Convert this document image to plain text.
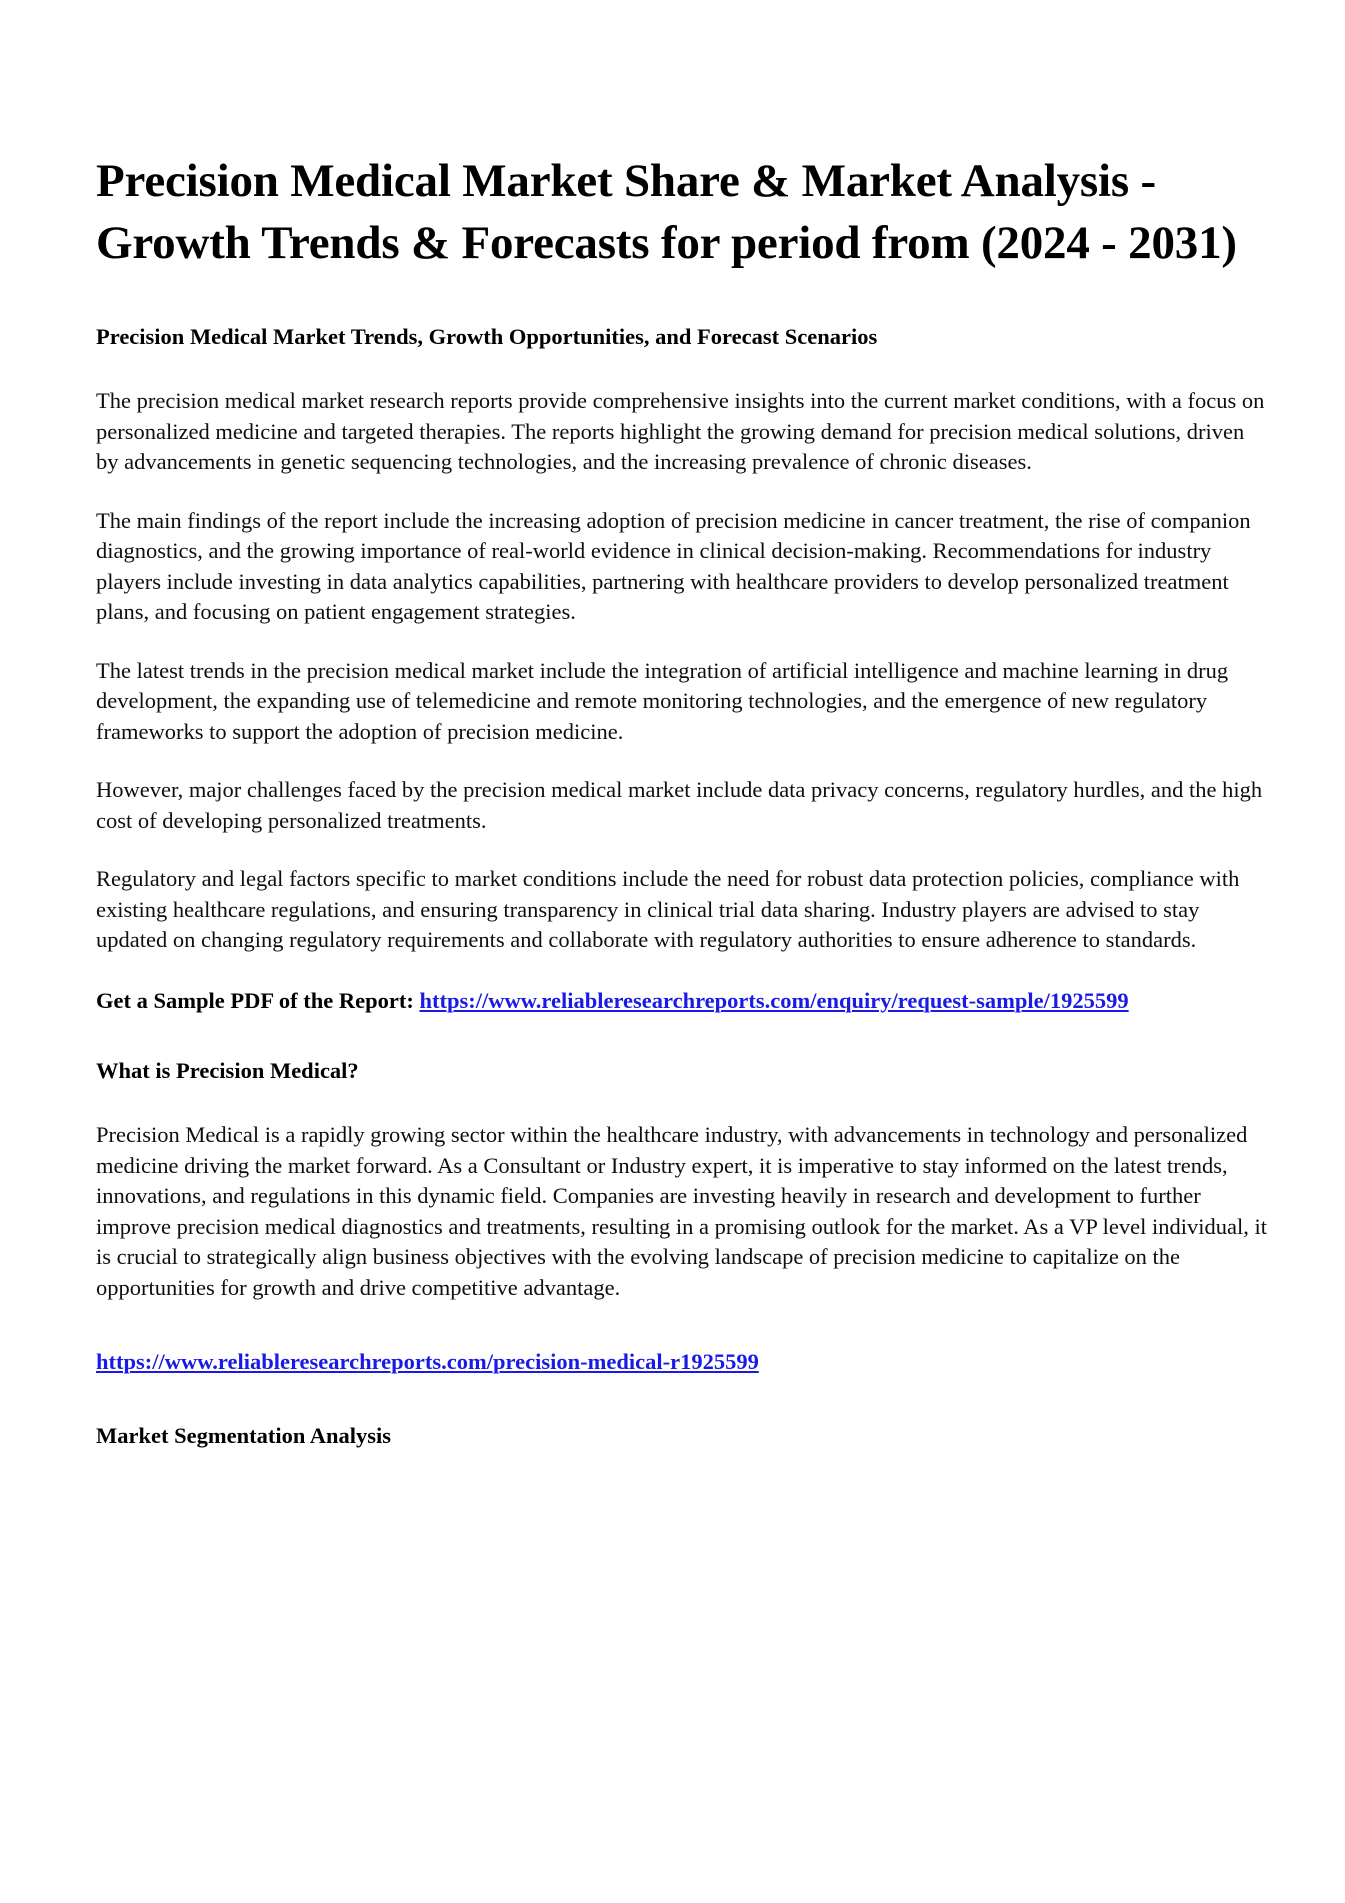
Precision Medical Market Share & Market Analysis - Growth Trends & Forecasts for period from (2024 - 2031)
Precision Medical Market Trends, Growth Opportunities, and Forecast Scenarios

The precision medical market research reports provide comprehensive insights into the current market conditions, with a focus on personalized medicine and targeted therapies. The reports highlight the growing demand for precision medical solutions, driven by advancements in genetic sequencing technologies, and the increasing prevalence of chronic diseases.

The main findings of the report include the increasing adoption of precision medicine in cancer treatment, the rise of companion diagnostics, and the growing importance of real-world evidence in clinical decision-making. Recommendations for industry players include investing in data analytics capabilities, partnering with healthcare providers to develop personalized treatment plans, and focusing on patient engagement strategies.

The latest trends in the precision medical market include the integration of artificial intelligence and machine learning in drug development, the expanding use of telemedicine and remote monitoring technologies, and the emergence of new regulatory frameworks to support the adoption of precision medicine.

However, major challenges faced by the precision medical market include data privacy concerns, regulatory hurdles, and the high cost of developing personalized treatments.

Regulatory and legal factors specific to market conditions include the need for robust data protection policies, compliance with existing healthcare regulations, and ensuring transparency in clinical trial data sharing. Industry players are advised to stay updated on changing regulatory requirements and collaborate with regulatory authorities to ensure adherence to standards.

Get a Sample PDF of the Report: https://www.reliableresearchreports.com/enquiry/request-sample/1925599

What is Precision Medical?

Precision Medical is a rapidly growing sector within the healthcare industry, with advancements in technology and personalized medicine driving the market forward. As a Consultant or Industry expert, it is imperative to stay informed on the latest trends, innovations, and regulations in this dynamic field. Companies are investing heavily in research and development to further improve precision medical diagnostics and treatments, resulting in a promising outlook for the market. As a VP level individual, it is crucial to strategically align business objectives with the evolving landscape of precision medicine to capitalize on the opportunities for growth and drive competitive advantage.

https://www.reliableresearchreports.com/precision-medical-r1925599

Market Segmentation Analysis
